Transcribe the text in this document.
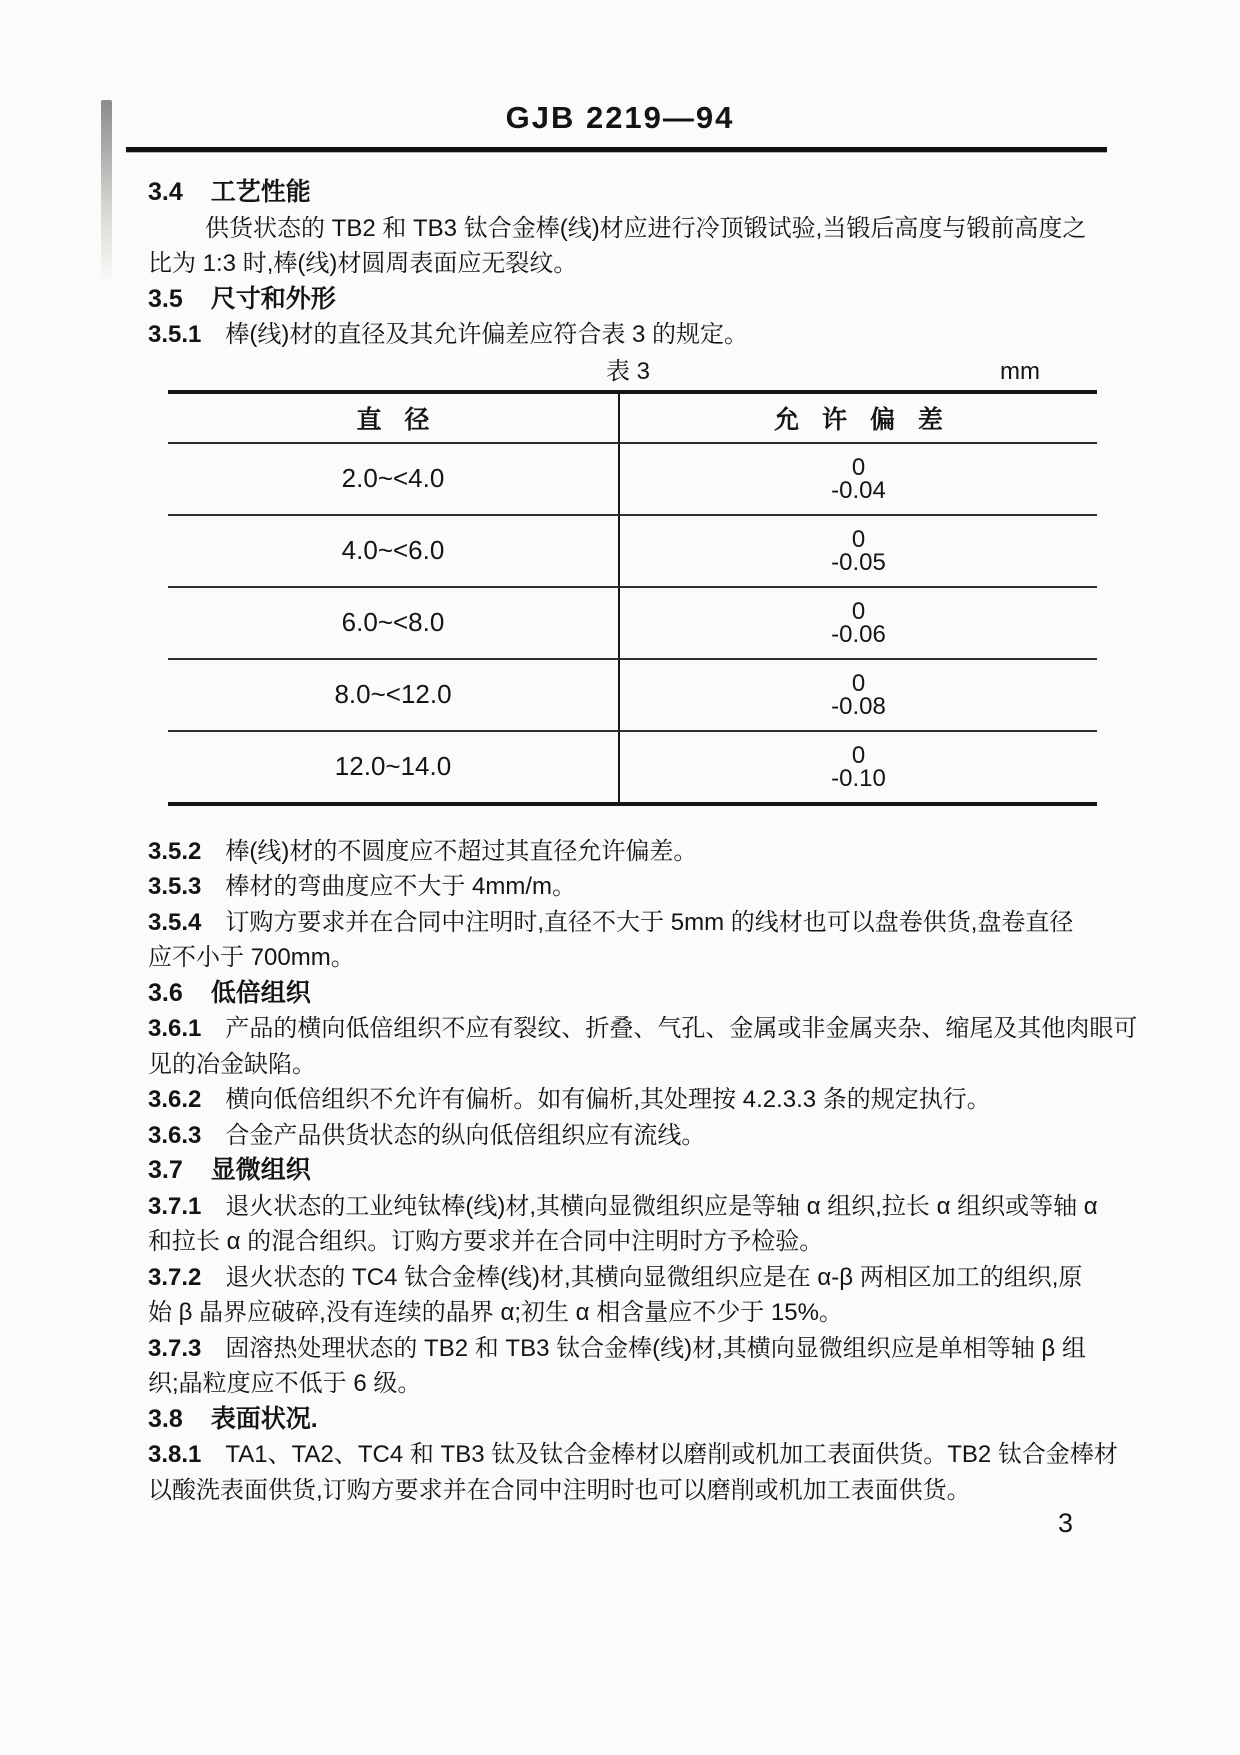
GJB 2219—94
3.4 工艺性能
供货状态的 TB2 和 TB3 钛合金棒(线)材应进行冷顶锻试验,当锻后高度与锻前高度之
比为 1:3 时,棒(线)材圆周表面应无裂纹。
3.5 尺寸和外形
3.5.1 棒(线)材的直径及其允许偏差应符合表 3 的规定。
表 3	mm
直 径	允 许 偏 差
2.0~<4.0	0
-0.04
4.0~<6.0	0
-0.05
6.0~<8.0	0
-0.06
8.0~<12.0	0
-0.08
12.0~14.0	0
-0.10
3.5.2 棒(线)材的不圆度应不超过其直径允许偏差。
3.5.3 棒材的弯曲度应不大于 4mm/m。
3.5.4 订购方要求并在合同中注明时,直径不大于 5mm 的线材也可以盘卷供货,盘卷直径
应不小于 700mm。
3.6 低倍组织
3.6.1 产品的横向低倍组织不应有裂纹、折叠、气孔、金属或非金属夹杂、缩尾及其他肉眼可
见的冶金缺陷。
3.6.2 横向低倍组织不允许有偏析。如有偏析,其处理按 4.2.3.3 条的规定执行。
3.6.3 合金产品供货状态的纵向低倍组织应有流线。
3.7 显微组织
3.7.1 退火状态的工业纯钛棒(线)材,其横向显微组织应是等轴 α 组织,拉长 α 组织或等轴 α
和拉长 α 的混合组织。订购方要求并在合同中注明时方予检验。
3.7.2 退火状态的 TC4 钛合金棒(线)材,其横向显微组织应是在 α-β 两相区加工的组织,原
始 β 晶界应破碎,没有连续的晶界 α;初生 α 相含量应不少于 15%。
3.7.3 固溶热处理状态的 TB2 和 TB3 钛合金棒(线)材,其横向显微组织应是单相等轴 β 组
织;晶粒度应不低于 6 级。
3.8 表面状况.
3.8.1 TA1、TA2、TC4 和 TB3 钛及钛合金棒材以磨削或机加工表面供货。TB2 钛合金棒材
以酸洗表面供货,订购方要求并在合同中注明时也可以磨削或机加工表面供货。
3
